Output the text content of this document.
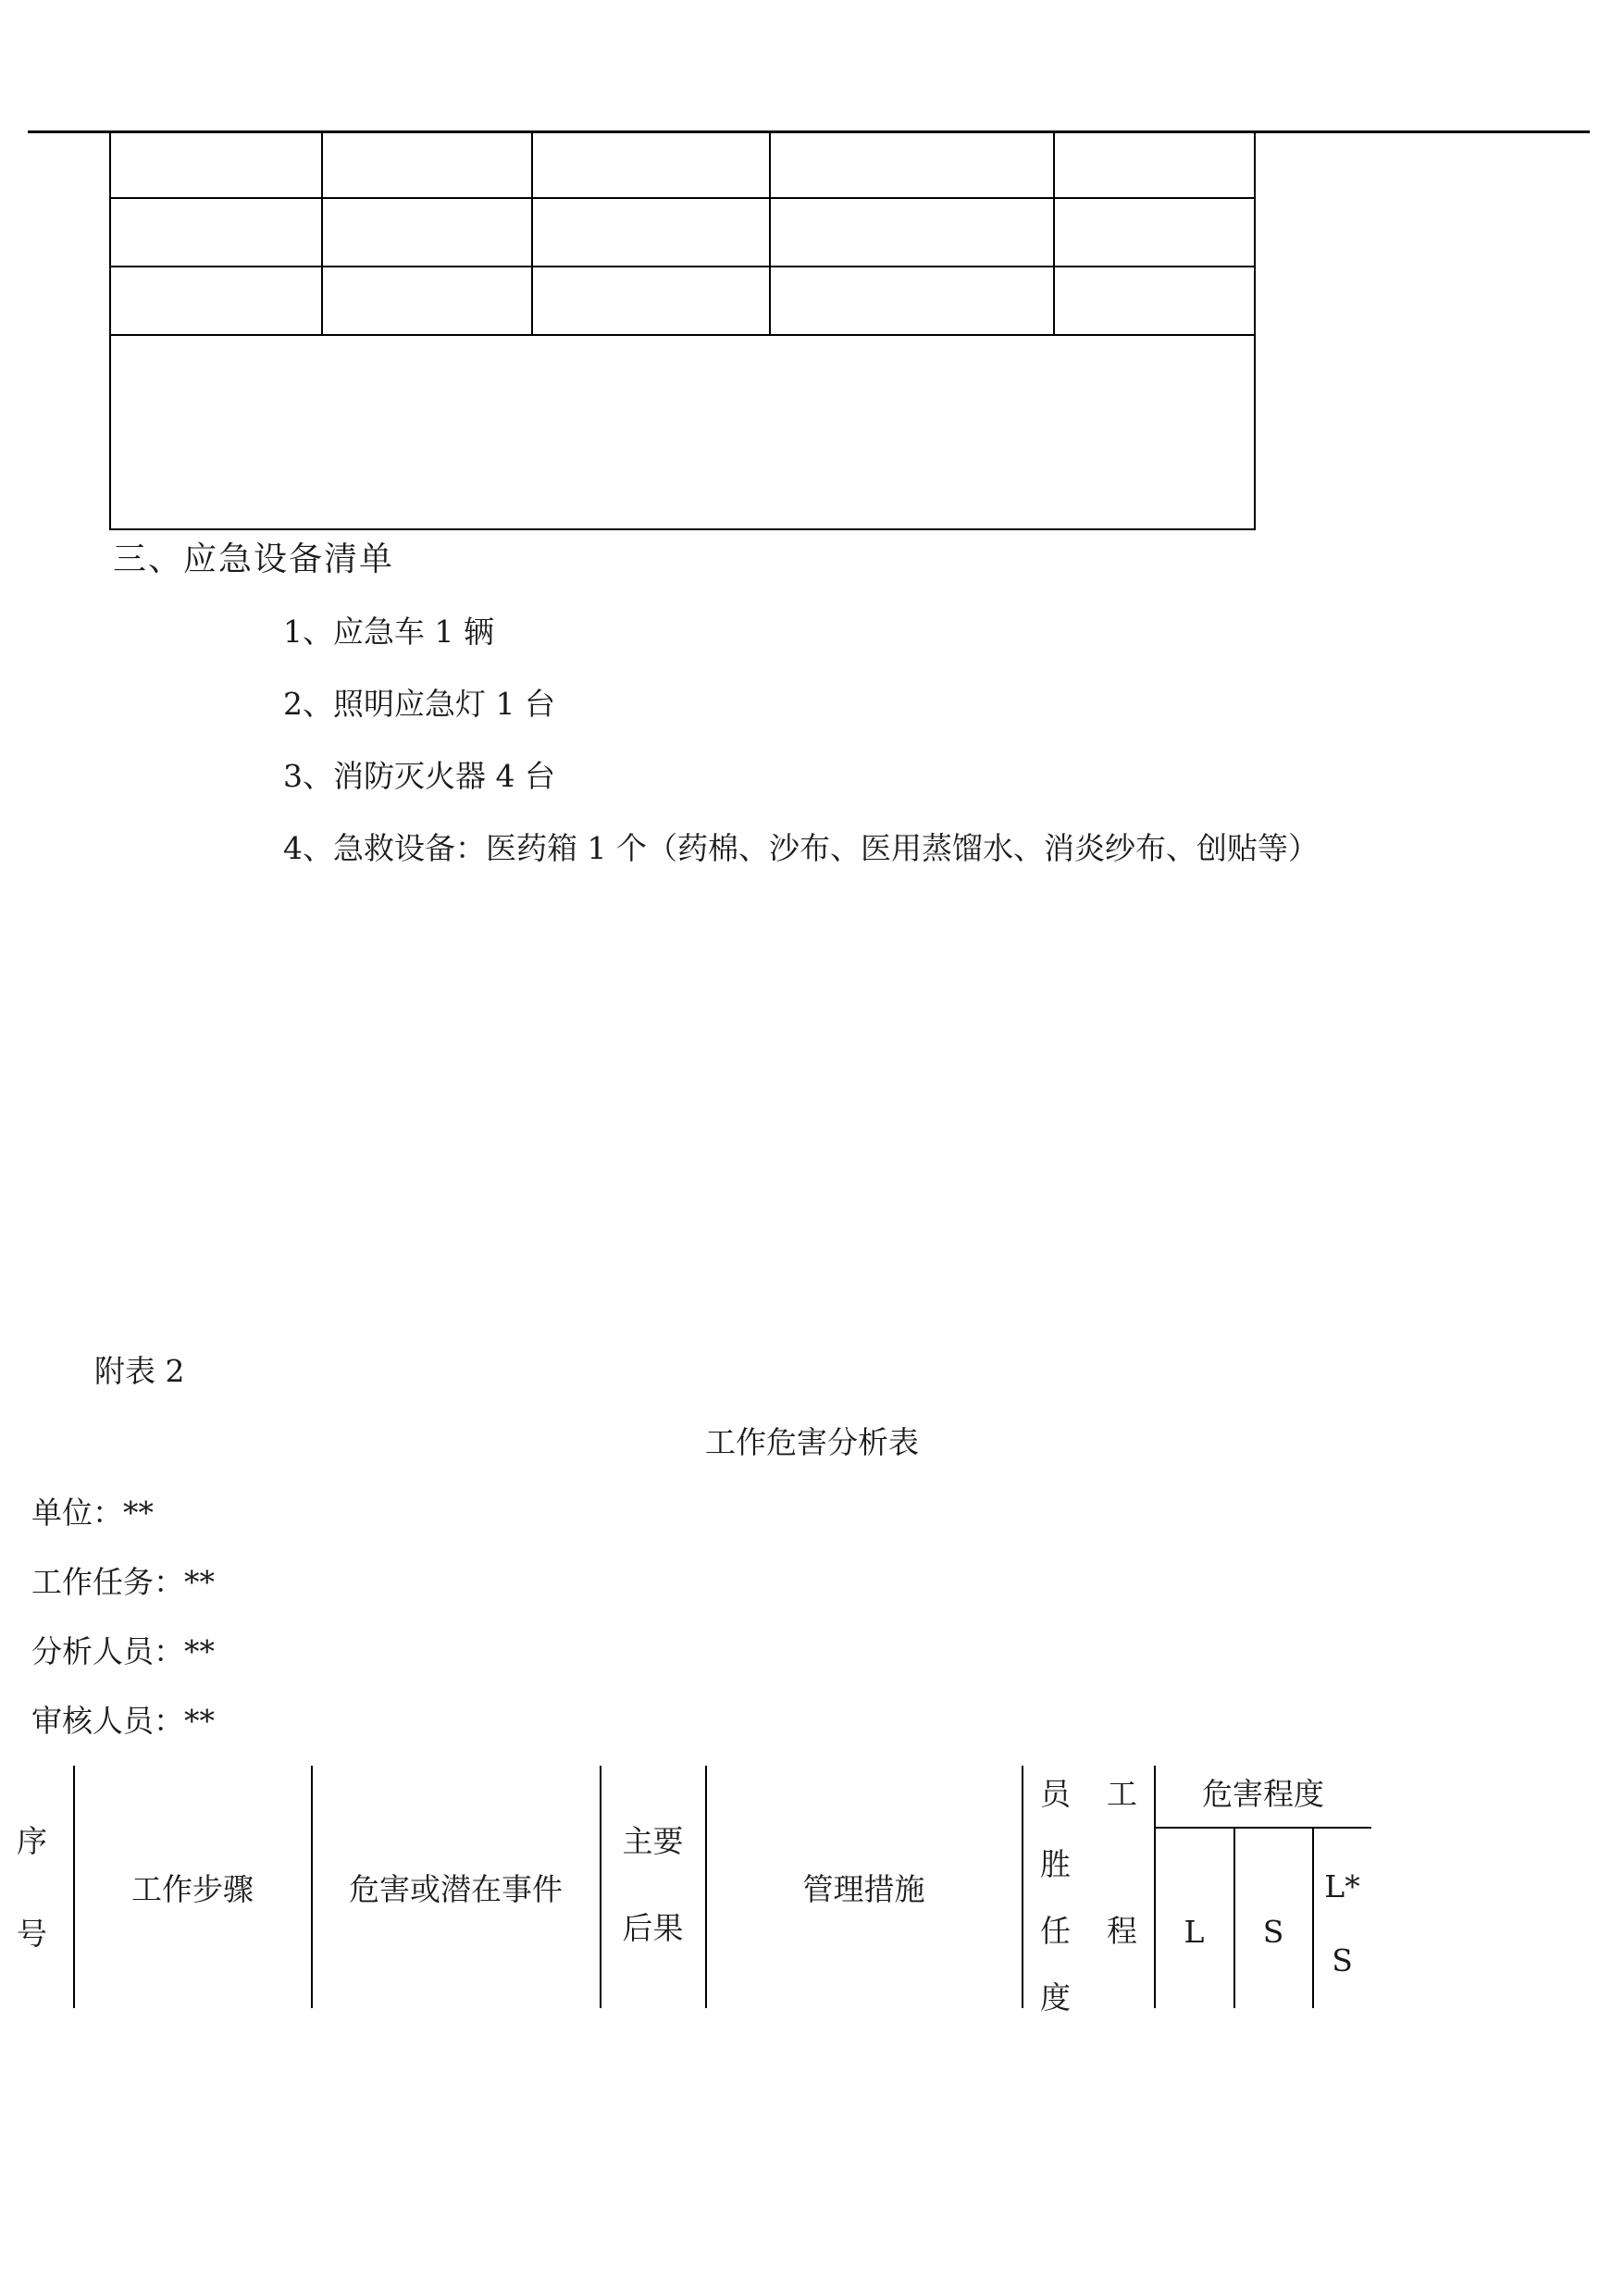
三、应急设备清单
1、应急车 1 辆
2、照明应急灯 1 台
3、消防灭火器 4 台
4、急救设备：医药箱 1 个（药棉、沙布、医用蒸馏水、消炎纱布、创贴等）
附表 2
工作危害分析表
单位：**
工作任务：**
分析人员：**
审核人员：**
序
号
工作步骤	危害或潜在事件
主要
后果
管理措施
员 工
胜
任 程
度
危害程度
L	S
L*
S
